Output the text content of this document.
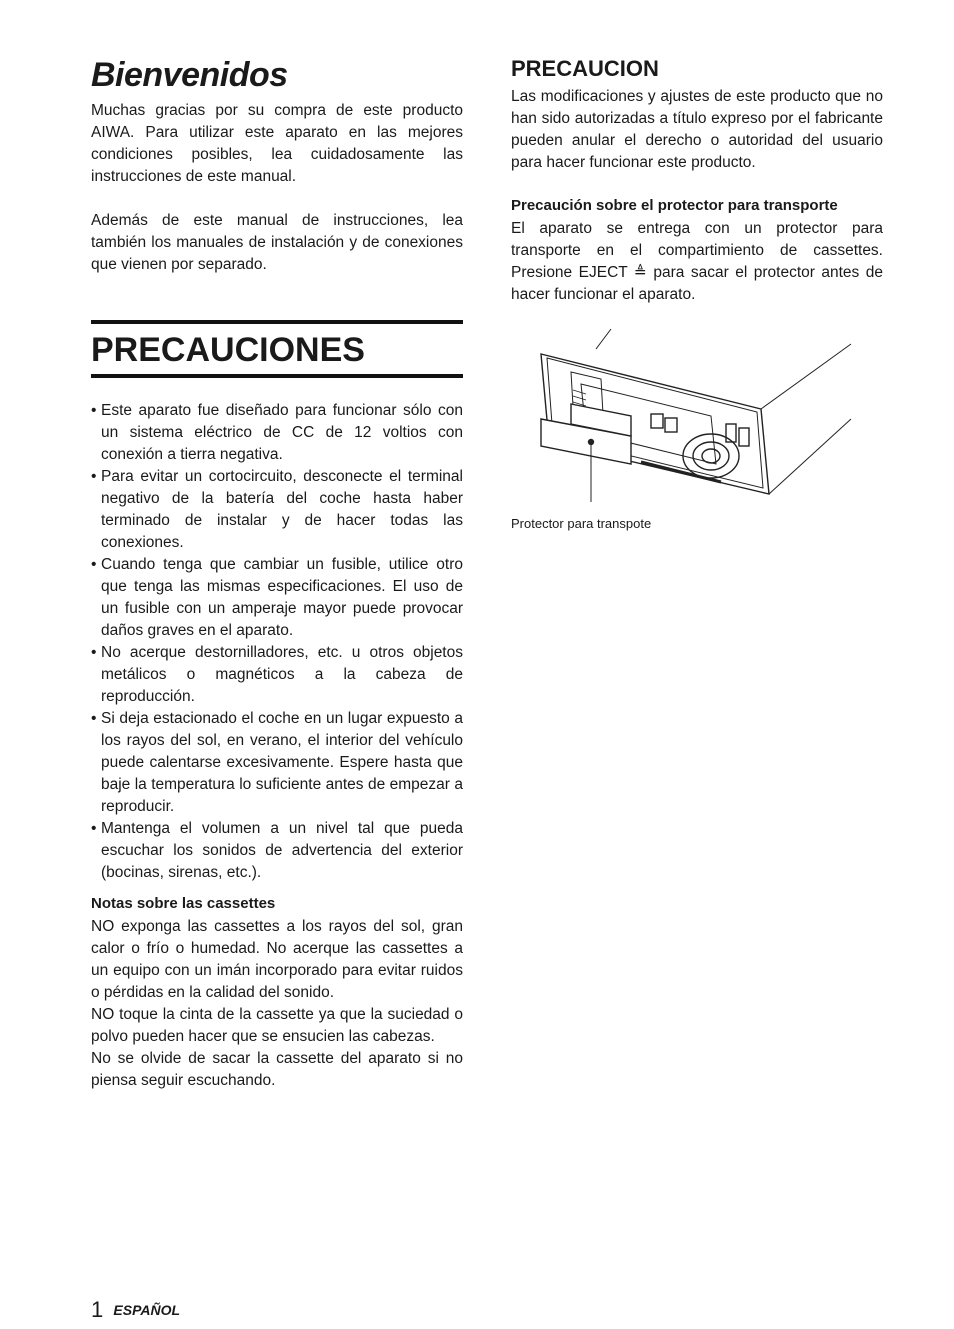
Bienvenidos

Muchas gracias por su compra de este producto AIWA. Para utilizar este aparato en las mejores condiciones posibles, lea cuidadosamente las instrucciones de este manual.

Además de este manual de instrucciones, lea también los manuales de instalación y de conexiones que vienen por separado.

PRECAUCIONES
• Este aparato fue diseñado para funcionar sólo con un sistema eléctrico de CC de 12 voltios con conexión a tierra negativa.
• Para evitar un cortocircuito, desconecte el terminal negativo de la batería del coche hasta haber terminado de instalar y de hacer todas las conexiones.
• Cuando tenga que cambiar un fusible, utilice otro que tenga las mismas especificaciones. El uso de un fusible con un amperaje mayor puede provocar daños graves en el aparato.
• No acerque destornilladores, etc. u otros objetos metálicos o magnéticos a la cabeza de reproducción.
• Si deja estacionado el coche en un lugar expuesto a los rayos del sol, en verano, el interior del vehículo puede calentarse excesivamente. Espere hasta que baje la temperatura lo suficiente antes de empezar a reproducir.
• Mantenga el volumen a un nivel tal que pueda escuchar los sonidos de advertencia del exterior (bocinas, sirenas, etc.).
Notas sobre las cassettes

NO exponga las cassettes a los rayos del sol, gran calor o frío o humedad. No acerque las cassettes a un equipo con un imán incorporado para evitar ruidos o pérdidas en la calidad del sonido.

NO toque la cinta de la cassette ya que la suciedad o polvo pueden hacer que se ensucien las cabezas.

No se olvide de sacar la cassette del aparato si no piensa seguir escuchando.

PRECAUCION

Las modificaciones y ajustes de este producto que no han sido autorizadas a título expreso por el fabricante pueden anular el derecho o autoridad del usuario para hacer funcionar este producto.

Precaución sobre el protector para transporte

El aparato se entrega con un protector para transporte en el compartimiento de cassettes. Presione EJECT ≜ para sacar el protector antes de hacer funcionar el aparato.

Protector para transpote
1 ESPAÑOL
